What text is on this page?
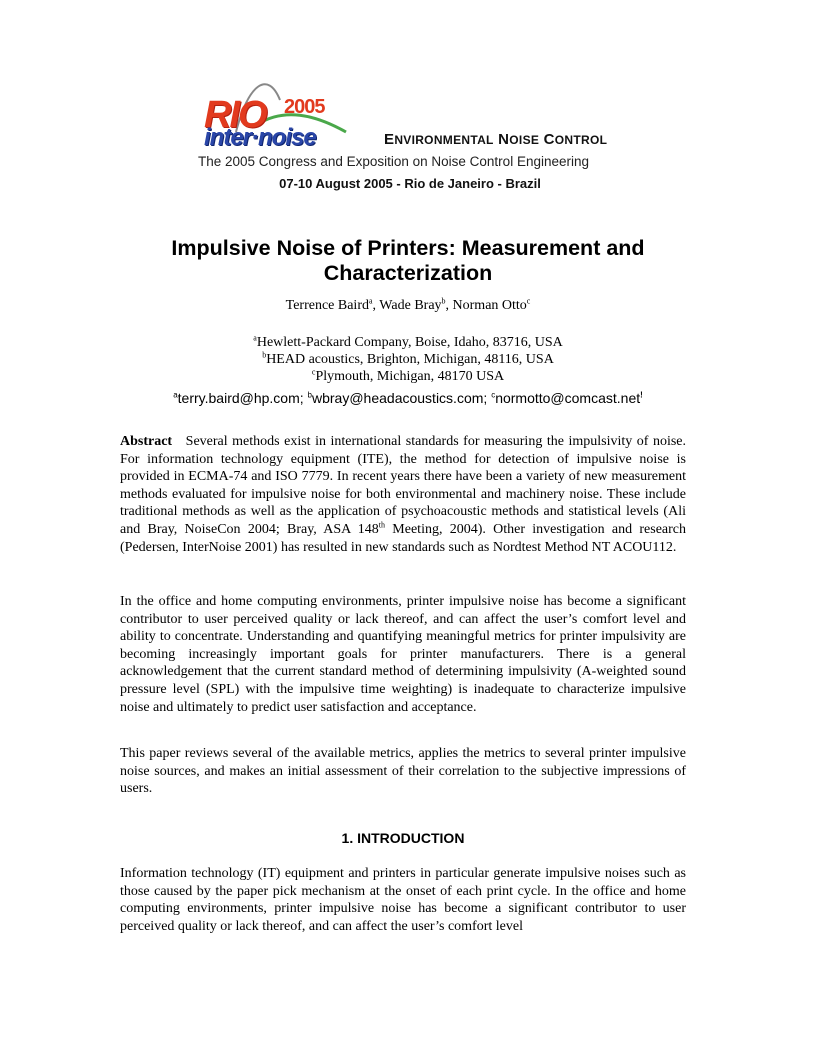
RIO 2005
inter·noise	ENVIRONMENTAL NOISE CONTROL
The 2005 Congress and Exposition on Noise Control Engineering
07-10 August 2005 - Rio de Janeiro - Brazil
Impulsive Noise of Printers: Measurement and Characterization
Terrence Baird$^a$, Wade Bray$^b$, Norman Otto$^c$
$^a$Hewlett-Packard Company, Boise, Idaho, 83716, USA
$^b$HEAD acoustics, Brighton, Michigan, 48116, USA
$^c$Plymouth, Michigan, 48170 USA
$^a$terry.baird@hp.com; $^b$wbray@headacoustics.com; $^c$normotto@comcast.net!

Abstract Several methods exist in international standards for measuring the impulsivity of noise. For information technology equipment (ITE), the method for detection of impulsive noise is provided in ECMA-74 and ISO 7779. In recent years there have been a variety of new measurement methods evaluated for impulsive noise for both environmental and machinery noise. These include traditional methods as well as the application of psychoacoustic methods and statistical levels (Ali and Bray, NoiseCon 2004; Bray, ASA 148th Meeting, 2004). Other investigation and research (Pedersen, InterNoise 2001) has resulted in new standards such as Nordtest Method NT ACOU112.

In the office and home computing environments, printer impulsive noise has become a significant contributor to user perceived quality or lack thereof, and can affect the user’s comfort level and ability to concentrate. Understanding and quantifying meaningful metrics for printer impulsivity are becoming increasingly important goals for printer manufacturers. There is a general acknowledgement that the current standard method of determining impulsivity (A-weighted sound pressure level (SPL) with the impulsive time weighting) is inadequate to characterize impulsive noise and ultimately to predict user satisfaction and acceptance.

This paper reviews several of the available metrics, applies the metrics to several printer impulsive noise sources, and makes an initial assessment of their correlation to the subjective impressions of users.

1. INTRODUCTION

Information technology (IT) equipment and printers in particular generate impulsive noises such as those caused by the paper pick mechanism at the onset of each print cycle. In the office and home computing environments, printer impulsive noise has become a significant contributor to user perceived quality or lack thereof, and can affect the user’s comfort level
